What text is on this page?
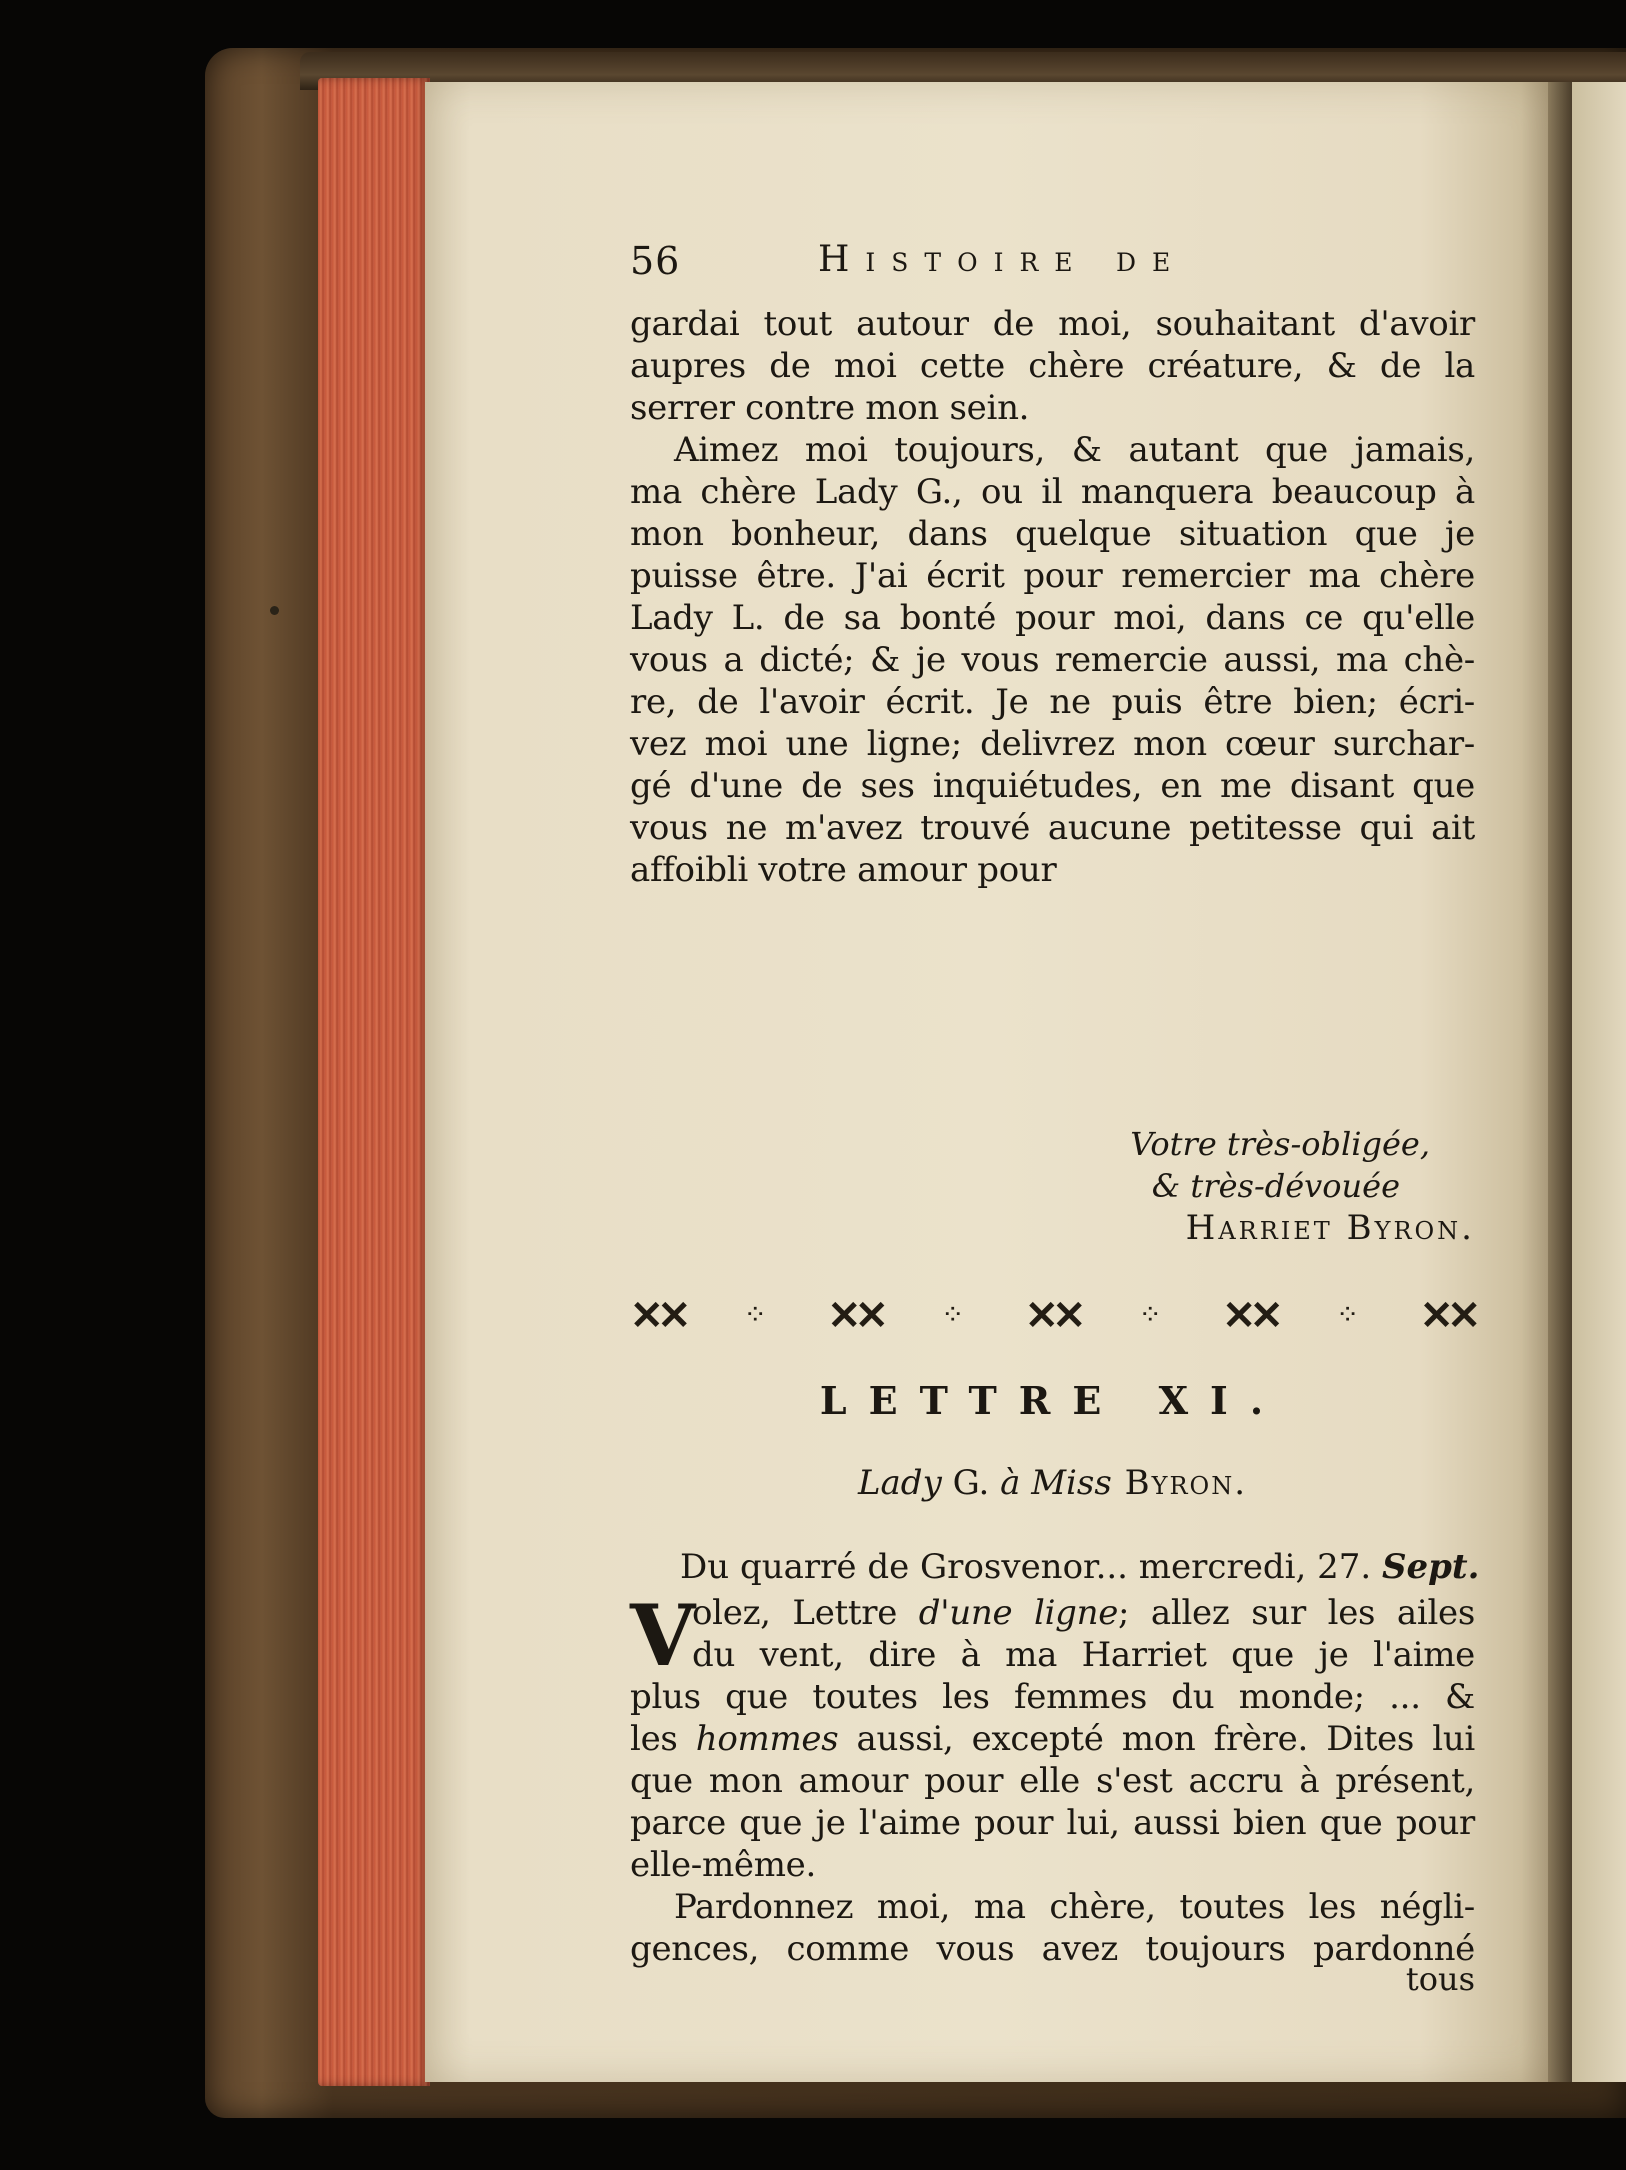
56	Histoire de
gardai tout autour de moi, souhaitant d'avoir
aupres de moi cette chère créature, & de la
serrer contre mon sein.
Aimez moi toujours, & autant que jamais,
ma chère Lady G., ou il manquera beaucoup à
mon bonheur, dans quelque situation que je
puisse être. J'ai écrit pour remercier ma chère
Lady L. de sa bonté pour moi, dans ce qu'elle
vous a dicté; & je vous remercie aussi, ma chè-
re, de l'avoir écrit. Je ne puis être bien; écri-
vez moi une ligne; delivrez mon cœur surchar-
gé d'une de ses inquiétudes, en me disant que
vous ne m'avez trouvé aucune petitesse qui ait
affoibli votre amour pour
Votre très-obligée,
& très-dévouée
Harriet Byron.
✕✕ ⁘ ✕✕ ⁘ ✕✕ ⁘ ✕✕ ⁘ ✕✕
LETTRE XI.
Lady G. à Miss Byron.
Du quarré de Grosvenor... mercredi, 27. Sept.
V
olez, Lettre d'une ligne; allez sur les ailes
du vent, dire à ma Harriet que je l'aime
plus que toutes les femmes du monde; ... &
les hommes aussi, excepté mon frère. Dites lui
que mon amour pour elle s'est accru à présent,
parce que je l'aime pour lui, aussi bien que pour
elle-même.
Pardonnez moi, ma chère, toutes les négli-
gences, comme vous avez toujours pardonné
tous
